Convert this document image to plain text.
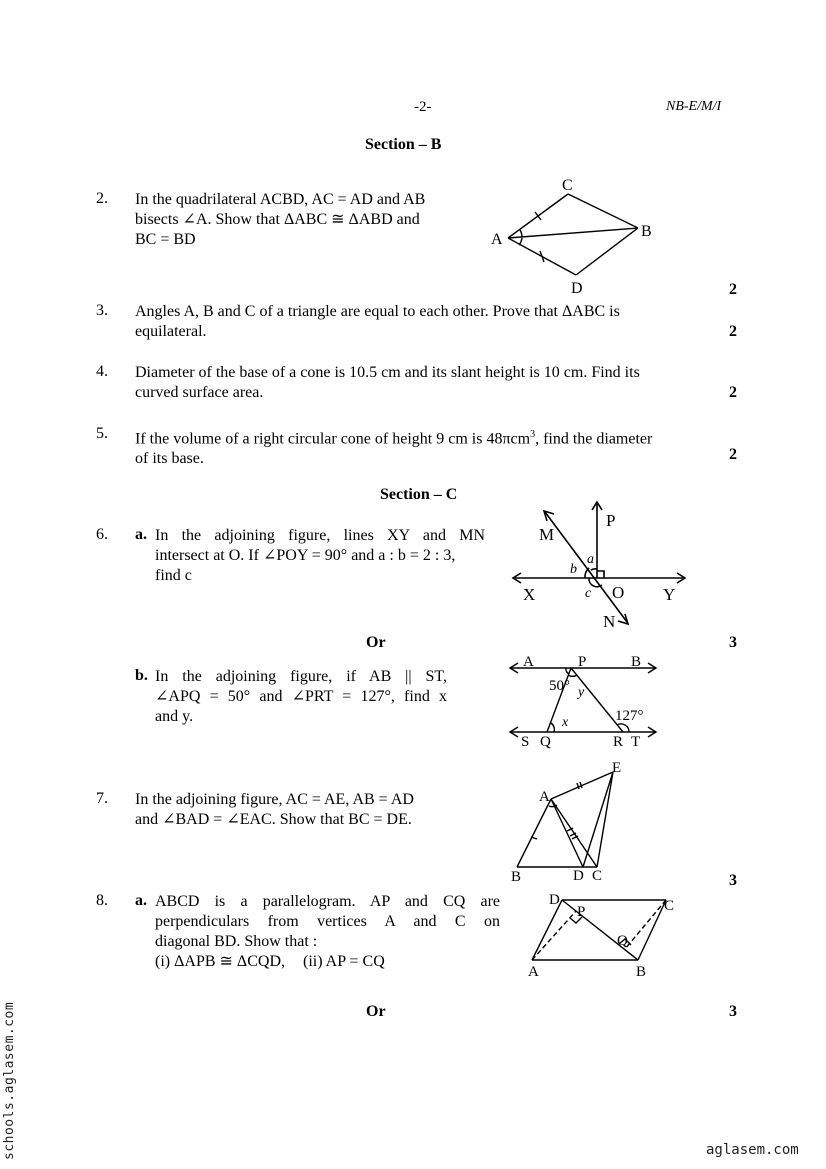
-2-	NB-E/M/I
Section – B
2. In the quadrilateral ACBD, AC = AD and AB
bisects ∠A. Show that ΔABC ≅ ΔABD and
BC = BD
C
A	B
D	2
3. Angles A, B and C of a triangle are equal to each other. Prove that ΔABC is
equilateral.	2
4. Diameter of the base of a cone is 10.5 cm and its slant height is 10 cm. Find its
curved surface area.	2
5. If the volume of a right circular cone of height 9 cm is 48πcm$^3$, find the diameter
of its base.	2
Section – C
6. a. In the adjoining figure, lines XY and MN
intersect at O. If ∠POY = 90° and a : b = 2 : 3,
find c
M
P
a
b
X	c O Y
N
Or	3
b. In the adjoining figure, if AB || ST,
∠APQ = 50° and ∠PRT = 127°, find x
and y.
A	P	B
50° y
127°
x
S Q	R T
7. In the adjoining figure, AC = AE, AB = AD
and ∠BAD = ∠EAC. Show that BC = DE.
E
A
B	D C	3
8. a. ABCD is a parallelogram. AP and CQ are
perpendiculars from vertices A and C on
diagonal BD. Show that :
(i) ΔAPB ≅ ΔCQD, (ii) AP = CQ
D
P	C
Q
A	B
Or	3
schools.aglasem.com	aglasem.com
